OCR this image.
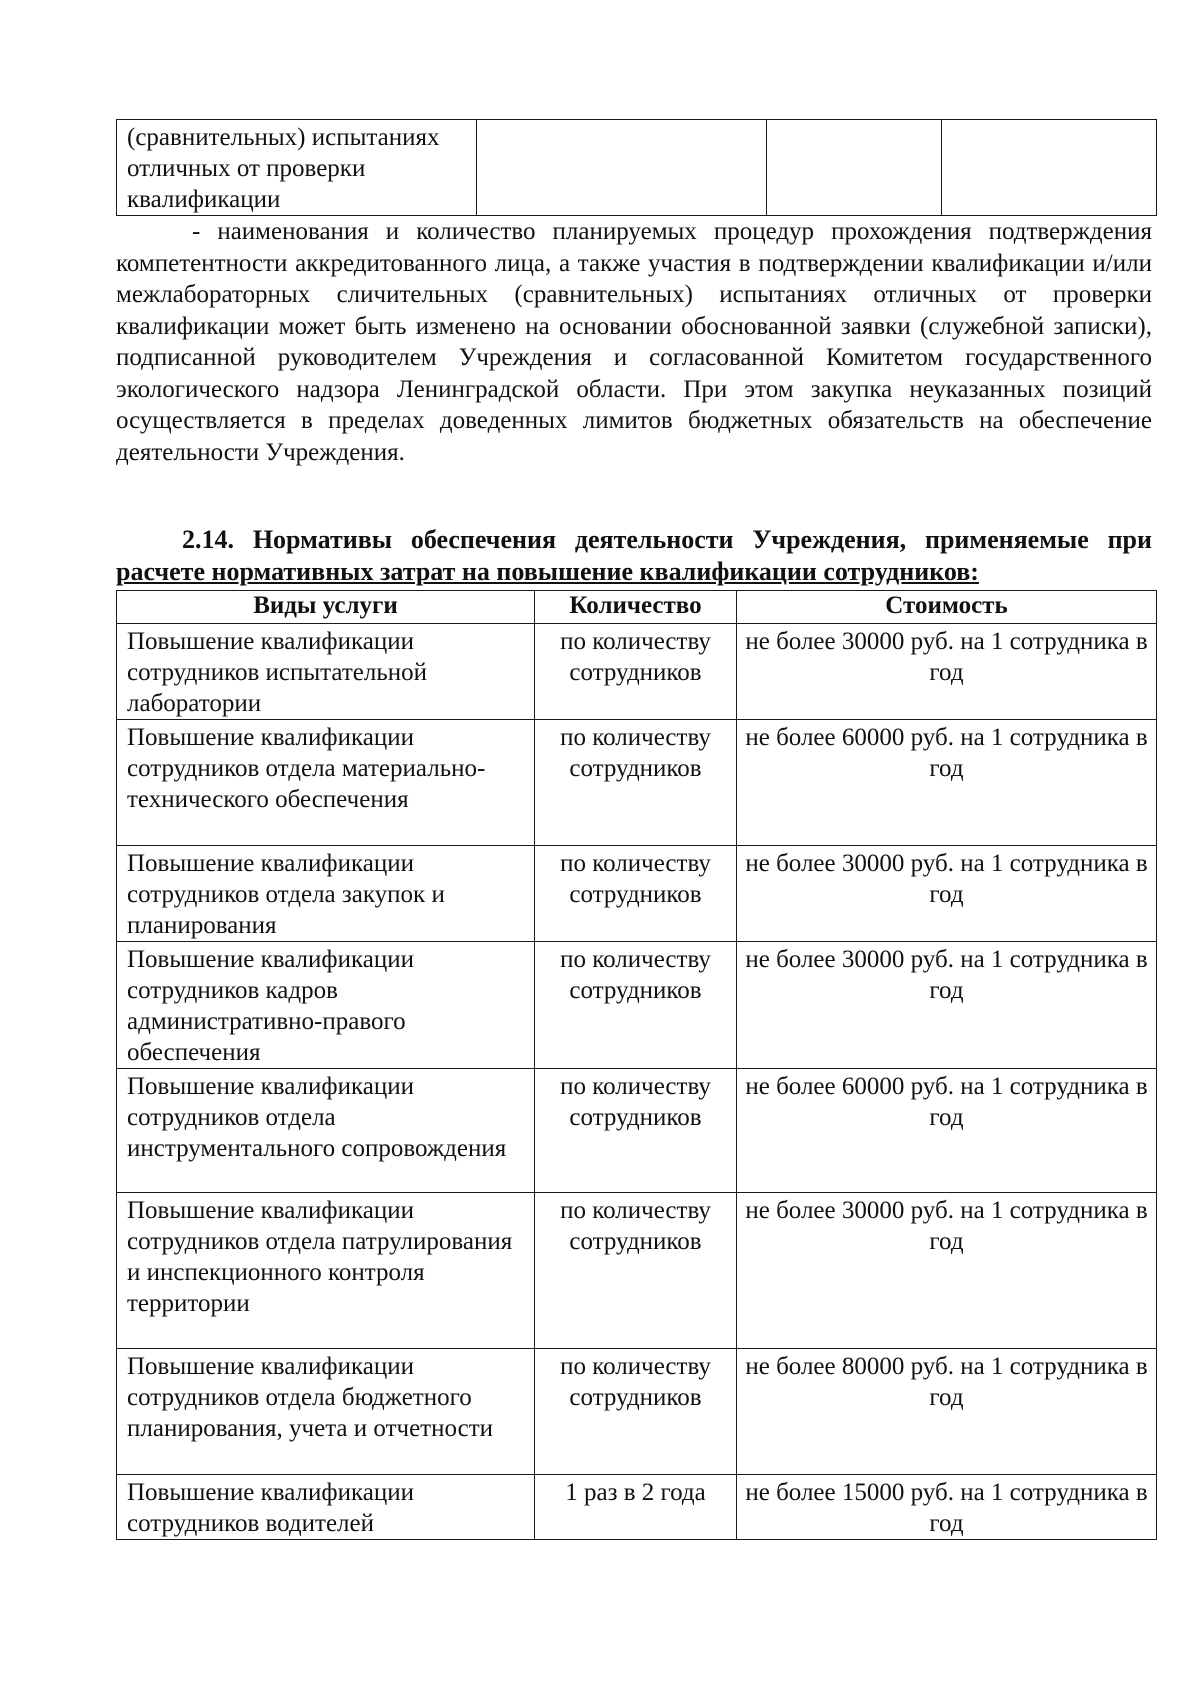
(сравнительных) испытаниях отличных от проверки квалификации			

- наименования и количество планируемых процедур прохождения подтверждения компетентности аккредитованного лица, а также участия в подтверждении квалификации и/или межлабораторных сличительных (сравнительных) испытаниях отличных от проверки квалификации может быть изменено на основании обоснованной заявки (служебной записки), подписанной руководителем Учреждения и согласованной Комитетом государственного экологического надзора Ленинградской области. При этом закупка неуказанных позиций осуществляется в пределах доведенных лимитов бюджетных обязательств на обеспечение деятельности Учреждения.

2.14. Нормативы обеспечения деятельности Учреждения, применяемые при расчете нормативных затрат на повышение квалификации сотрудников:

Виды услуги	Количество	Стоимость
Повышение квалификации сотрудников испытательной лаборатории	по количеству сотрудников	не более 30000 руб. на 1 сотрудника в год
Повышение квалификации сотрудников отдела материально-технического обеспечения	по количеству сотрудников	не более 60000 руб. на 1 сотрудника в год
Повышение квалификации сотрудников отдела закупок и планирования	по количеству сотрудников	не более 30000 руб. на 1 сотрудника в год
Повышение квалификации сотрудников кадров административно-правого обеспечения	по количеству сотрудников	не более 30000 руб. на 1 сотрудника в год
Повышение квалификации сотрудников отдела инструментального сопровождения	по количеству сотрудников	не более 60000 руб. на 1 сотрудника в год
Повышение квалификации сотрудников отдела патрулирования и инспекционного контроля территории	по количеству сотрудников	не более 30000 руб. на 1 сотрудника в год
Повышение квалификации сотрудников отдела бюджетного планирования, учета и отчетности	по количеству сотрудников	не более 80000 руб. на 1 сотрудника в год
Повышение квалификации сотрудников водителей	1 раз в 2 года	не более 15000 руб. на 1 сотрудника в год
